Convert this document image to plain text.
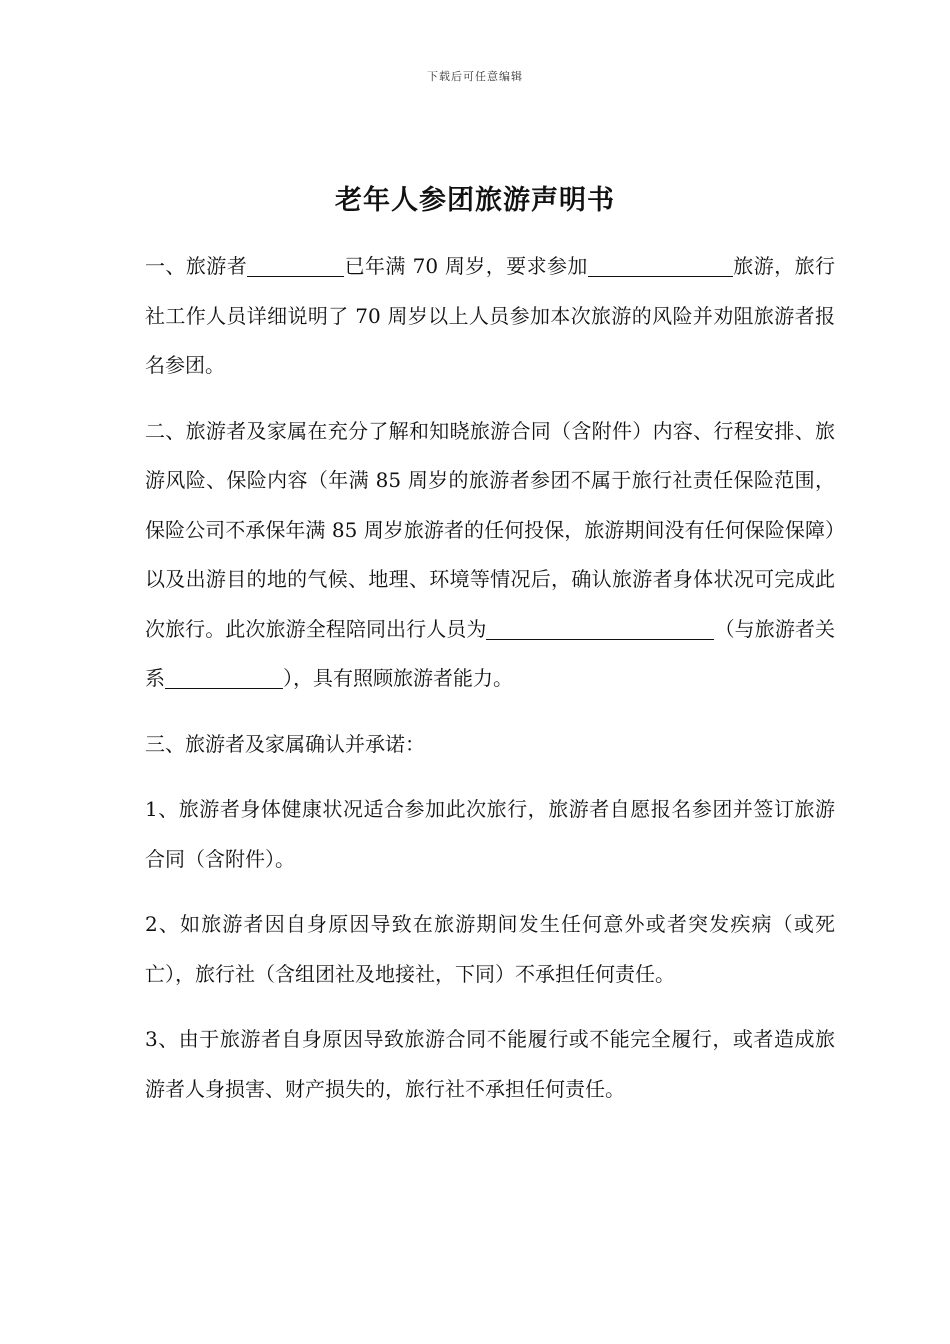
下载后可任意编辑
老年人参团旅游声明书

一、旅游者	已年满 70 周岁，要求参加	旅游，旅行社工作人员详细说明了 70 周岁以上人员参加本次旅游的风险并劝阻旅游者报名参团。

二、旅游者及家属在充分了解和知晓旅游合同（含附件）内容、行程安排、旅游风险、保险内容（年满 85 周岁的旅游者参团不属于旅行社责任保险范围，保险公司不承保年满 85 周岁旅游者的任何投保，旅游期间没有任何保险保障）以及出游目的地的气候、地理、环境等情况后，确认旅游者身体状况可完成此次旅行。此次旅游全程陪同出行人员为	（与旅游者关系	），具有照顾旅游者能力。

三、旅游者及家属确认并承诺：

1、旅游者身体健康状况适合参加此次旅行，旅游者自愿报名参团并签订旅游合同（含附件）。

2、如旅游者因自身原因导致在旅游期间发生任何意外或者突发疾病（或死亡），旅行社（含组团社及地接社，下同）不承担任何责任。

3、由于旅游者自身原因导致旅游合同不能履行或不能完全履行，或者造成旅游者人身损害、财产损失的，旅行社不承担任何责任。
